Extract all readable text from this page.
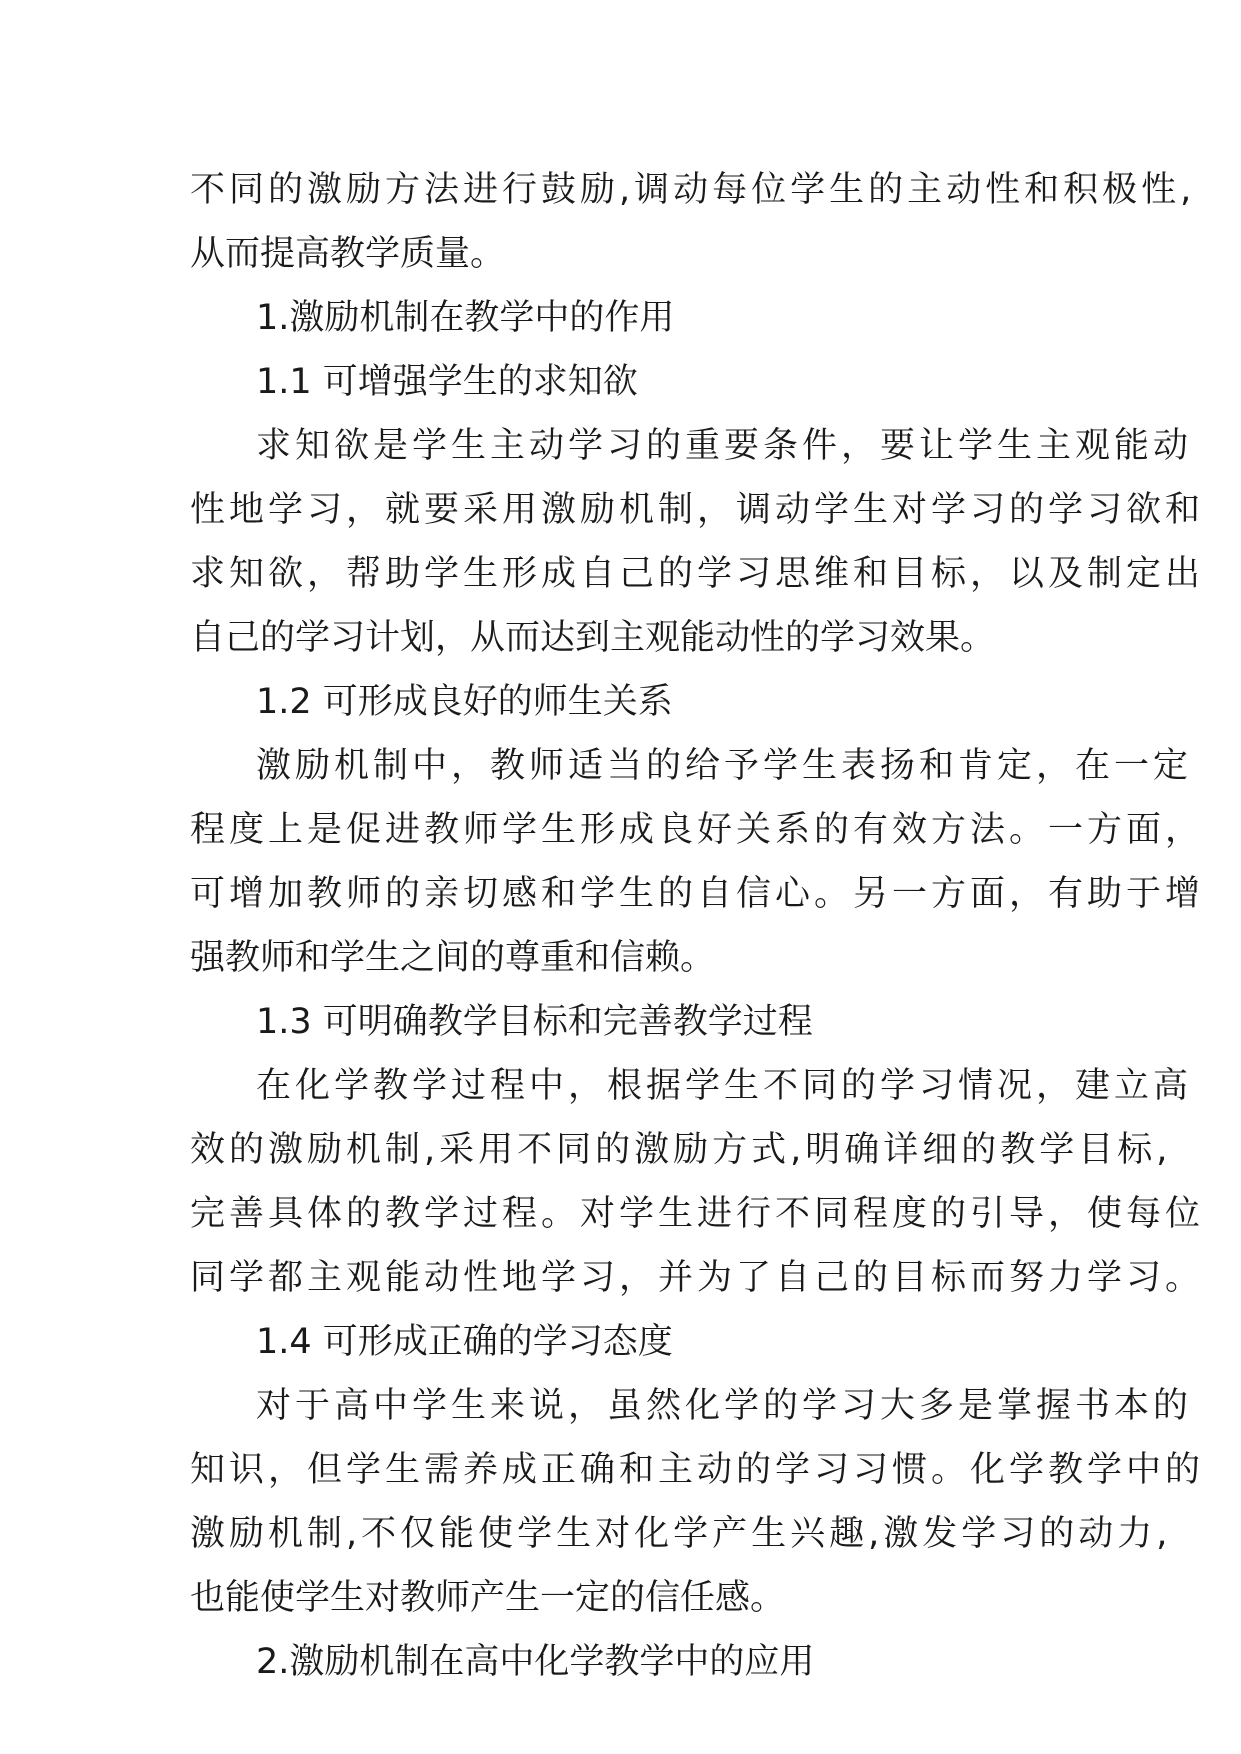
不同的激励方法进行鼓励,调动每位学生的主动性和积极性,
从而提高教学质量。
1.激励机制在教学中的作用
1.1 可增强学生的求知欲
求知欲是学生主动学习的重要条件，要让学生主观能动
性地学习，就要采用激励机制，调动学生对学习的学习欲和
求知欲，帮助学生形成自己的学习思维和目标，以及制定出
自己的学习计划，从而达到主观能动性的学习效果。
1.2 可形成良好的师生关系
激励机制中，教师适当的给予学生表扬和肯定，在一定
程度上是促进教师学生形成良好关系的有效方法。一方面，
可增加教师的亲切感和学生的自信心。另一方面，有助于增
强教师和学生之间的尊重和信赖。
1.3 可明确教学目标和完善教学过程
在化学教学过程中，根据学生不同的学习情况，建立高
效的激励机制,采用不同的激励方式,明确详细的教学目标,
完善具体的教学过程。对学生进行不同程度的引导，使每位
同学都主观能动性地学习，并为了自己的目标而努力学习。
1.4 可形成正确的学习态度
对于高中学生来说，虽然化学的学习大多是掌握书本的
知识，但学生需养成正确和主动的学习习惯。化学教学中的
激励机制,不仅能使学生对化学产生兴趣,激发学习的动力,
也能使学生对教师产生一定的信任感。
2.激励机制在高中化学教学中的应用
